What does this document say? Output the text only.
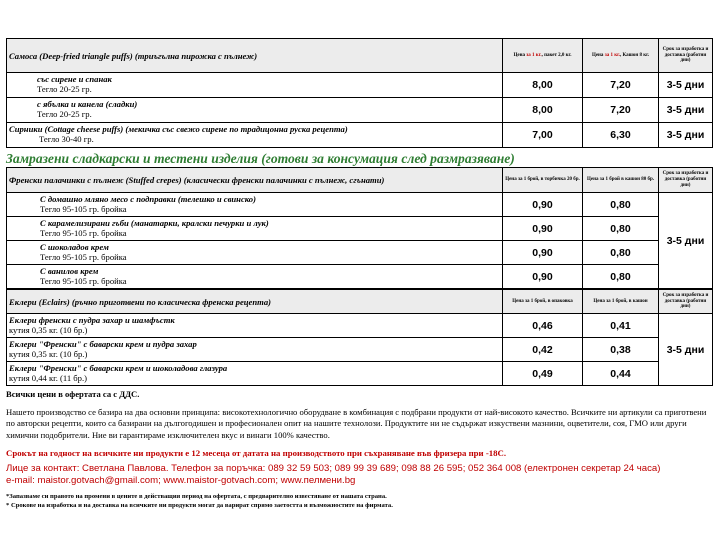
Самоса (Deep-fried triangle puffs) (триъгълна пирожка с пълнеж)	Цена за 1 кг., пакет 2,0 кг.	Цена за 1 кг., Кашон 8 кг.	Срок за изработка и доставка (работни дни)

със сирене и спанак
Тегло 20-25 гр.	8,00	7,20	3-5 дни

с ябълка и канела (сладки)
Тегло 20-25 гр.	8,00	7,20	3-5 дни

Сирники (Cottage cheese puffs) (мекичка със свежо сирене по традицонна руска рецепта)
Тегло 30-40 гр.	7,00	6,30	3-5 дни
Замразени сладкарски и тестени изделия (готови за консумация след размразяване)
Френски палачинки с пълнеж (Stuffed crepes) (класически френски палачинки с пълнеж, сгънати)	Цена за 1 брой, в торбичка 20 бр.	Цена за 1 брой в кашон 80 бр.	Срок за изработка и доставка (работни дни)

С домашно мляно месо с подправки (телешко и свинско)
Тегло 95-105 гр. бройка	0,90	0,80	3-5 дни

С карамелизирани гъби (манатарки, кралски печурки и лук)
Тегло 95-105 гр. бройка	0,90	0,80	

С шоколадов крем
Тегло 95-105 гр. бройка	0,90	0,80	

С ванилов крем
Тегло 95-105 гр. бройка	0,90	0,80	
Еклери (Eclairs) (ръчно приготвени по класическа френска рецепта)	Цена за 1 брой, в опаковка	Цена за 1 брой, в кашон	Срок за изработка и доставка (работни дни)

Еклери френски с пудра захар и шамфъстк
кутия 0,35 кг. (10 бр.)	0,46	0,41	3-5 дни

Еклери "Френски" с баварски крем и пудра захар
кутия 0,35 кг. (10 бр.)	0,42	0,38	

Еклери "Френски" с баварски крем и шоколадова глазура
кутия 0,44 кг. (11 бр.)	0,49	0,44	

Всички цени в офертата са с ДДС.

Нашето производство се базира на два основни принципа: високотехнологично оборудване в комбинация с подбрани продукти от най-високото качество. Всичките ни артикули са приготвени по авторски рецепти, които са базирани на дългогодишен и професионален опит на нашите технолози. Продуктите ни не съдържат изкуствени мазнини, оцветители, соя, ГМО или други химични подобрители. Ние ви гарантираме изключителен вкус и винаги 100% качество.

Срокът на годност на всичките ни продукти е 12 месеца от датата на производството при съхраняване във фризера при -18С.

Лице за контакт: Светлана Павлова. Телефон за поръчка: 089 32 59 503; 089 99 39 689; 098 88 26 595; 052 364 008 (електронен секретар 24 часа)

e-mail: maistor.gotvach@gmail.com; www.maistor-gotvach.com; www.пелмени.bg

*Запазваме си правото на промени в цените в действащия период на офертата, с предварително известяване от нашата страна.

* Срокове на изработка и на доставка на всичките ни продукти могат да варират спрямо заетостта и възможностите на фирмата.
